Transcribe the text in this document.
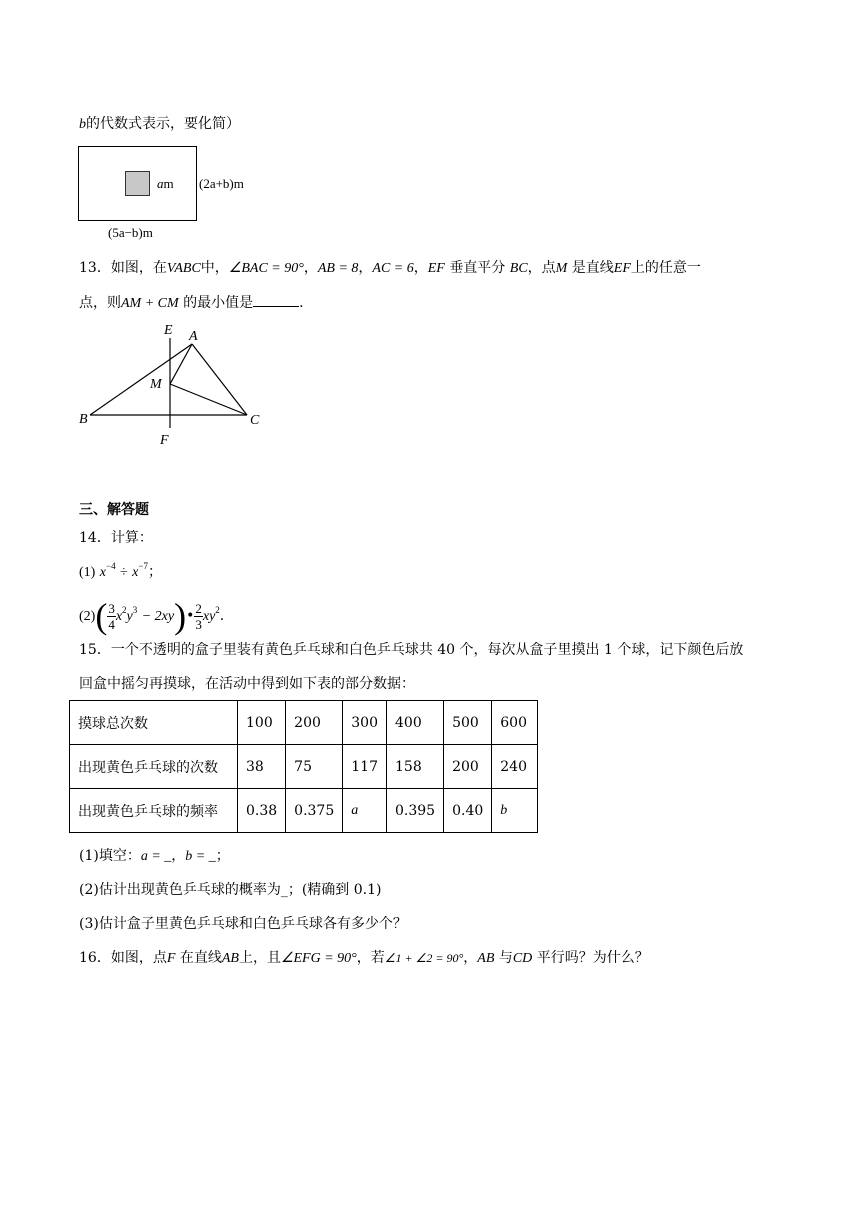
b的代数式表示，要化简）
am (2a+b)m
(5a−b)m
13．如图，在VABC中，∠BAC = 90°，AB = 8，AC = 6，EF 垂直平分 BC，点M 是直线EF上的任意一
点，则AM + CM 的最小值是	.
E A
M
B	C
F
三、解答题
14．计算：
(1) $x^{-4} \div x^{-7}$；
$(2)( \frac{3}{4} x^2y^3$ − 2xy)• $\frac{2}{3} xy^2$.
15．一个不透明的盒子里装有黄色乒乓球和白色乒乓球共 40 个，每次从盒子里摸出 1 个球，记下颜色后放
回盒中摇匀再摸球，在活动中得到如下表的部分数据：
摸球总次数	100	200	300	400	500	600
出现黄色乒乓球的次数	38	75	117	158	200	240
出现黄色乒乓球的频率	0.38	0.375	a	0.395	0.40	b
(1)填空：a = _，b = _；
(2)估计出现黄色乒乓球的概率为_；(精确到 0.1)
(3)估计盒子里黄色乒乓球和白色乒乓球各有多少个？
16．如图，点F 在直线AB上，且∠EFG = 90°，若∠1 + ∠2 = 90°，AB 与CD 平行吗？为什么？
